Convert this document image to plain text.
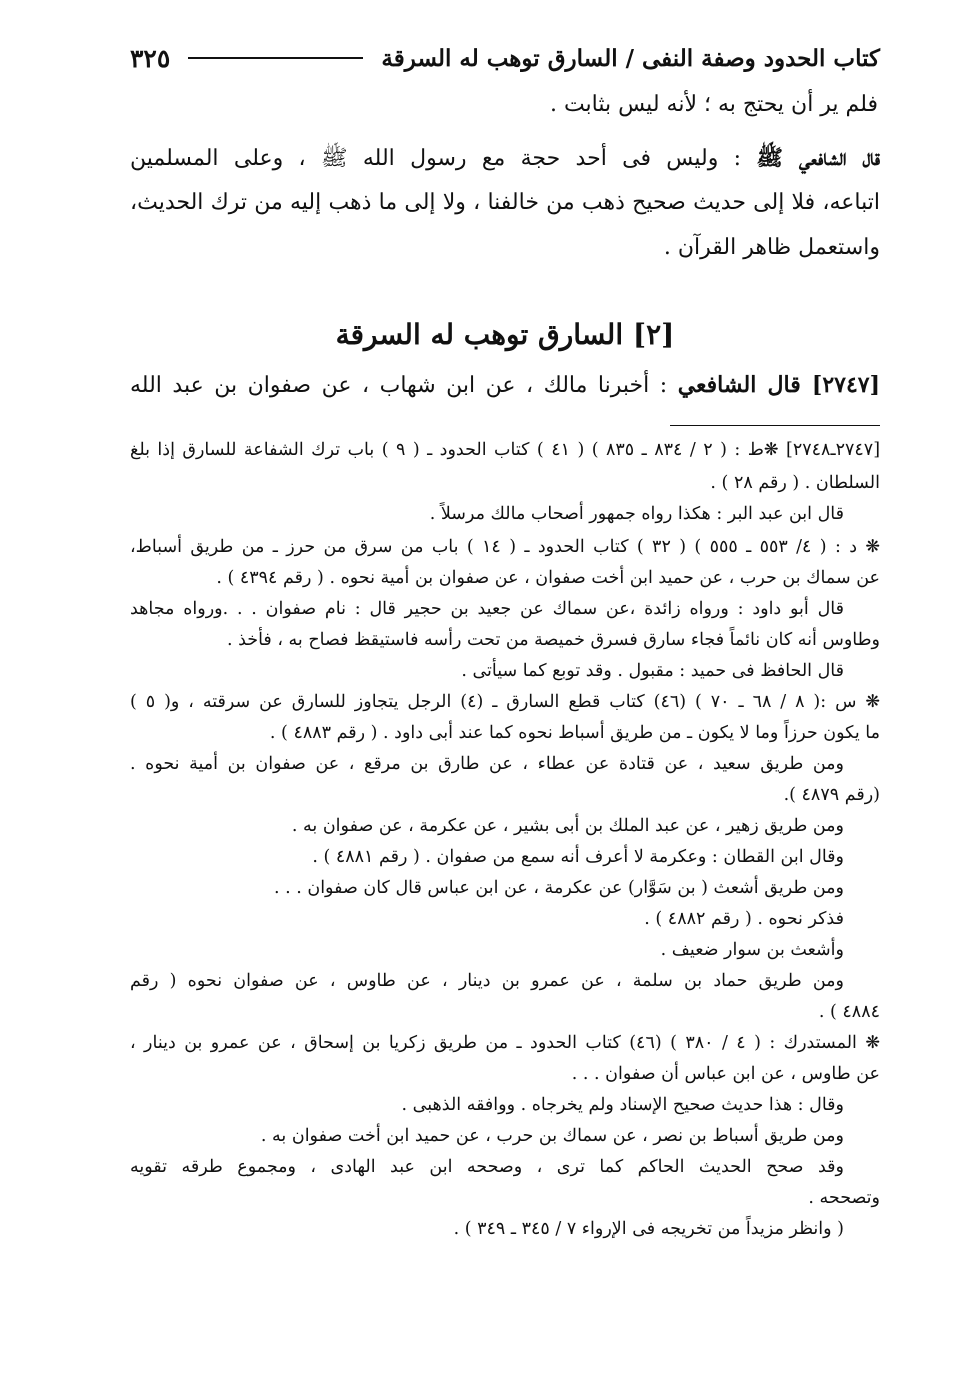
كتاب الحدود وصفة النفى / السارق توهب له السرقة
٣٢٥
فلم ير أن يحتج به ؛ لأنه ليس بثابت .
قال الشافعي ﷺ : وليس فى أحد حجة مع رسول الله ﷺ ، وعلى المسلمين
اتباعه، فلا إلى حديث صحيح ذهب من خالفنا ، ولا إلى ما ذهب إليه من ترك الحديث،
واستعمل ظاهر القرآن .
[٢] السارق توهب له السرقة
[٢٧٤٧] قال الشافعي : أخبرنا مالك ، عن ابن شهاب ، عن صفوان بن عبد الله
[٢٧٤٧ـ٢٧٤٨] ❋ط : ( ٢ / ٨٣٤ ـ ٨٣٥ ) ( ٤١ ) كتاب الحدود ـ ( ٩ ) باب ترك الشفاعة للسارق إذا بلغ
السلطان . ( رقم ٢٨ ) .
قال ابن عبد البر : هكذا رواه جمهور أصحاب مالك مرسلاً .
❋ د : ( ٤/ ٥٥٣ ـ ٥٥٥ ) ( ٣٢ ) كتاب الحدود ـ ( ١٤ ) باب من سرق من حرز ـ من طريق أسباط،
عن سماك بن حرب ، عن حميد ابن أخت صفوان ، عن صفوان بن أمية نحوه . ( رقم ٤٣٩٤ ) .
قال أبو داود : ورواه زائدة ،عن سماك عن جعيد بن حجير قال : نام صفوان . . .ورواه مجاهد
وطاوس أنه كان نائماً فجاء سارق فسرق خميصة من تحت رأسه فاستيقظ فصاح به ، فأخذ .
قال الحافظ فى حميد : مقبول . وقد توبع كما سيأتى .
❋ س :( ٨ / ٦٨ ـ ٧٠ ) (٤٦) كتاب قطع السارق ـ (٤) الرجل يتجاوز للسارق عن سرقته ، و( ٥ )
ما يكون حرزاً وما لا يكون ـ من طريق أسباط نحوه كما عند أبى داود . ( رقم ٤٨٨٣ ) .
ومن طريق سعيد ، عن قتادة عن عطاء ، عن طارق بن مرقع ، عن صفوان بن أمية نحوه .
(رقم ٤٨٧٩ ).
ومن طريق زهير ، عن عبد الملك بن أبى بشير ، عن عكرمة ، عن صفوان به .
وقال ابن القطان : وعكرمة لا أعرف أنه سمع من صفوان . ( رقم ٤٨٨١ ) .
ومن طريق أشعث ( بن سَوَّار) عن عكرمة ، عن ابن عباس قال كان صفوان . . .
فذكر نحوه . ( رقم ٤٨٨٢ ) .
وأشعث بن سوار ضعيف .
ومن طريق حماد بن سلمة ، عن عمرو بن دينار ، عن طاوس ، عن صفوان نحوه ( رقم
٤٨٨٤ ) .
❋ المستدرك : ( ٤ / ٣٨٠ ) (٤٦) كتاب الحدود ـ من طريق زكريا بن إسحاق ، عن عمرو بن دينار ،
عن طاوس ، عن ابن عباس أن صفوان . . .
وقال : هذا حديث صحيح الإسناد ولم يخرجاه . ووافقه الذهبى .
ومن طريق أسباط بن نصر ، عن سماك بن حرب ، عن حميد ابن أخت صفوان به .
وقد صحح الحديث الحاكم كما ترى ، وصححه ابن عبد الهادى ، ومجموع طرقه تقويه
وتصححه .
( وانظر مزيداً من تخريجه فى الإرواء ٧ / ٣٤٥ ـ ٣٤٩ ) .
